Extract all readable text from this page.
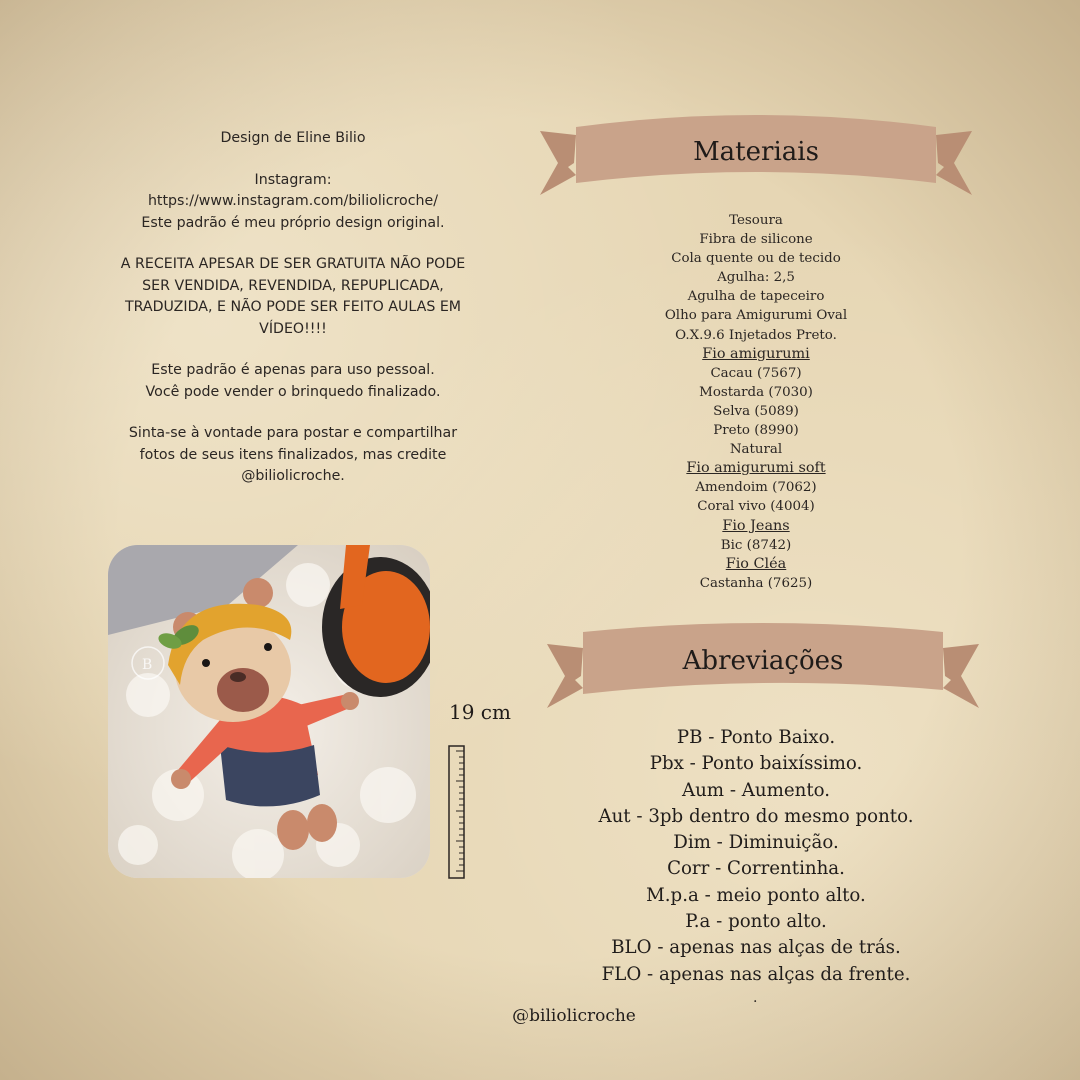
Design de Eline Bilio

Instagram:
https://www.instagram.com/biliolicroche/
Este padrão é meu próprio design original.

A RECEITA APESAR DE SER GRATUITA NÃO PODE
SER VENDIDA, REVENDIDA, REPUPLICADA,
TRADUZIDA, E NÃO PODE SER FEITO AULAS EM
VÍDEO!!!!

Este padrão é apenas para uso pessoal.
Você pode vender o brinquedo finalizado.

Sinta-se à vontade para postar e compartilhar
fotos de seus itens finalizados, mas credite
@biliolicroche.

Materiais
Tesoura
Fibra de silicone
Cola quente ou de tecido
Agulha: 2,5
Agulha de tapeceiro
Olho para Amigurumi Oval
O.X.9.6 Injetados Preto.
Fio amigurumi
Cacau (7567)
Mostarda (7030)
Selva (5089)
Preto (8990)
Natural
Fio amigurumi soft
Amendoim (7062)
Coral vivo (4004)
Fio Jeans
Bic (8742)
Fio Cléa
Castanha (7625)
Abreviações
PB - Ponto Baixo.
Pbx - Ponto baixíssimo.
Aum - Aumento.
Aut - 3pb dentro do mesmo ponto.
Dim - Diminuição.
Corr - Correntinha.
M.p.a - meio ponto alto.
P.a - ponto alto.
BLO - apenas nas alças de trás.
FLO - apenas nas alças da frente.
.
B
19 cm
@biliolicroche
